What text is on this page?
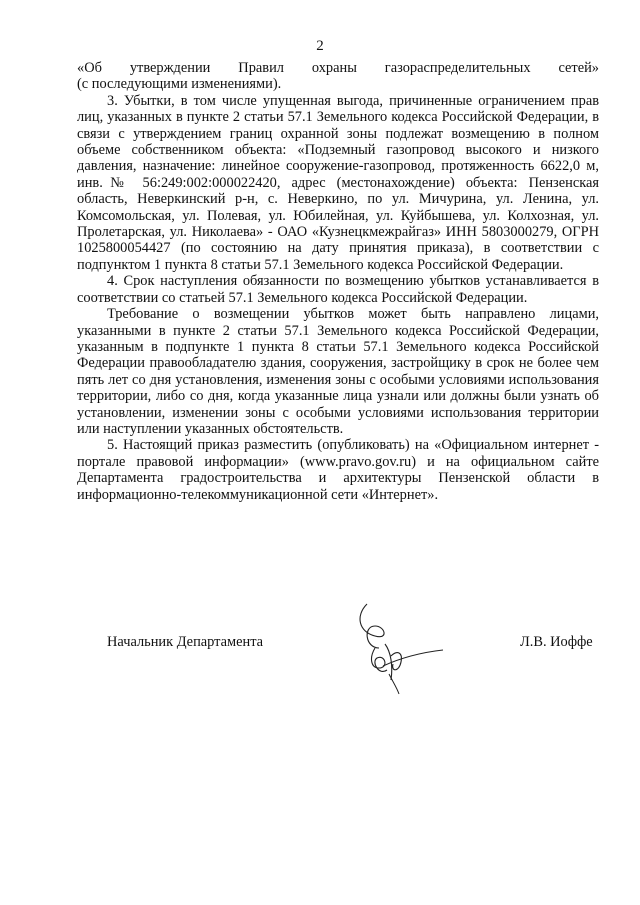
2

«Об утверждении Правил охраны газораспределительных сетей»
(с последующими изменениями).

3. Убытки, в том числе упущенная выгода, причиненные ограничением прав лиц, указанных в пункте 2 статьи 57.1 Земельного кодекса Российской Федерации, в связи с утверждением границ охранной зоны подлежат возмещению в полном объеме собственником объекта: «Подземный газопровод высокого и низкого давления, назначение: линейное сооружение-газопровод, протяженность 6622,0 м, инв.№ 56:249:002:000022420, адрес (местонахождение) объекта: Пензенская область, Неверкинский р-н, с. Неверкино, по ул. Мичурина, ул. Ленина, ул. Комсомольская, ул. Полевая, ул. Юбилейная, ул. Куйбышева, ул. Колхозная, ул. Пролетарская, ул. Николаева» - ОАО «Кузнецкмежрайгаз» ИНН 5803000279, ОГРН 1025800054427 (по состоянию на дату принятия приказа), в соответствии с подпунктом 1 пункта 8 статьи 57.1 Земельного кодекса Российской Федерации.

4. Срок наступления обязанности по возмещению убытков устанавливается в соответствии со статьей 57.1 Земельного кодекса Российской Федерации.

Требование о возмещении убытков может быть направлено лицами, указанными в пункте 2 статьи 57.1 Земельного кодекса Российской Федерации, указанным в подпункте 1 пункта 8 статьи 57.1 Земельного кодекса Российской Федерации правообладателю здания, сооружения, застройщику в срок не более чем пять лет со дня установления, изменения зоны с особыми условиями использования территории, либо со дня, когда указанные лица узнали или должны были узнать об установлении, изменении зоны с особыми условиями использования территории или наступлении указанных обстоятельств.

5. Настоящий приказ разместить (опубликовать) на «Официальном интернет - портале правовой информации» (www.pravo.gov.ru) и на официальном сайте Департамента градостроительства и архитектуры Пензенской области в информационно-телекоммуникационной сети «Интернет».

Начальник Департамента	Л.В. Иоффе
